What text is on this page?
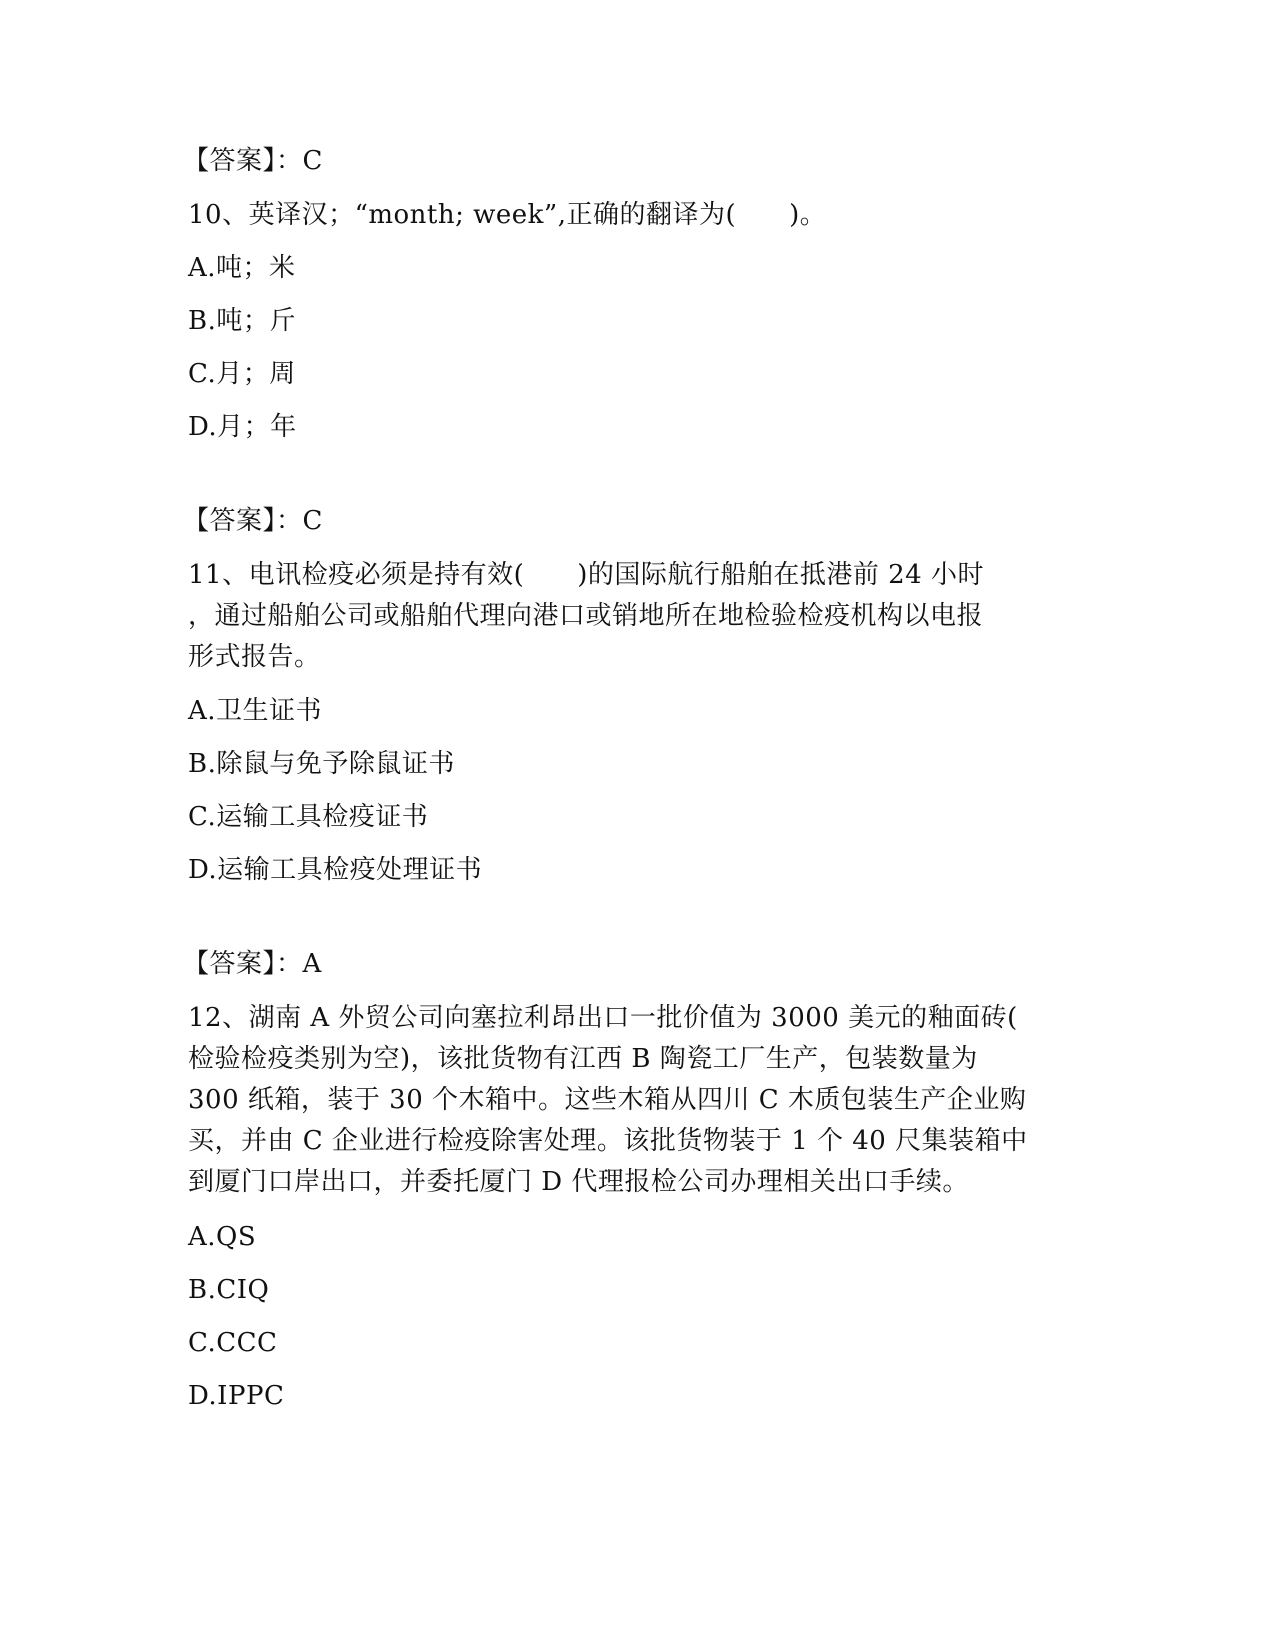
【答案】：C
10、英译汉；“month; week”,正确的翻译为(　　)。
A.吨；米
B.吨；斤
C.月；周
D.月；年
【答案】：C
11、电讯检疫必须是持有效(　　)的国际航行船舶在抵港前 24 小时
，通过船舶公司或船舶代理向港口或销地所在地检验检疫机构以电报
形式报告。
A.卫生证书
B.除鼠与免予除鼠证书
C.运输工具检疫证书
D.运输工具检疫处理证书
【答案】：A
12、湖南 A 外贸公司向塞拉利昂出口一批价值为 3000 美元的釉面砖(
检验检疫类别为空)，该批货物有江西 B 陶瓷工厂生产，包装数量为
300 纸箱，装于 30 个木箱中。这些木箱从四川 C 木质包装生产企业购
买，并由 C 企业进行检疫除害处理。该批货物装于 1 个 40 尺集装箱中
到厦门口岸出口，并委托厦门 D 代理报检公司办理相关出口手续。
A.QS
B.CIQ
C.CCC
D.IPPC
